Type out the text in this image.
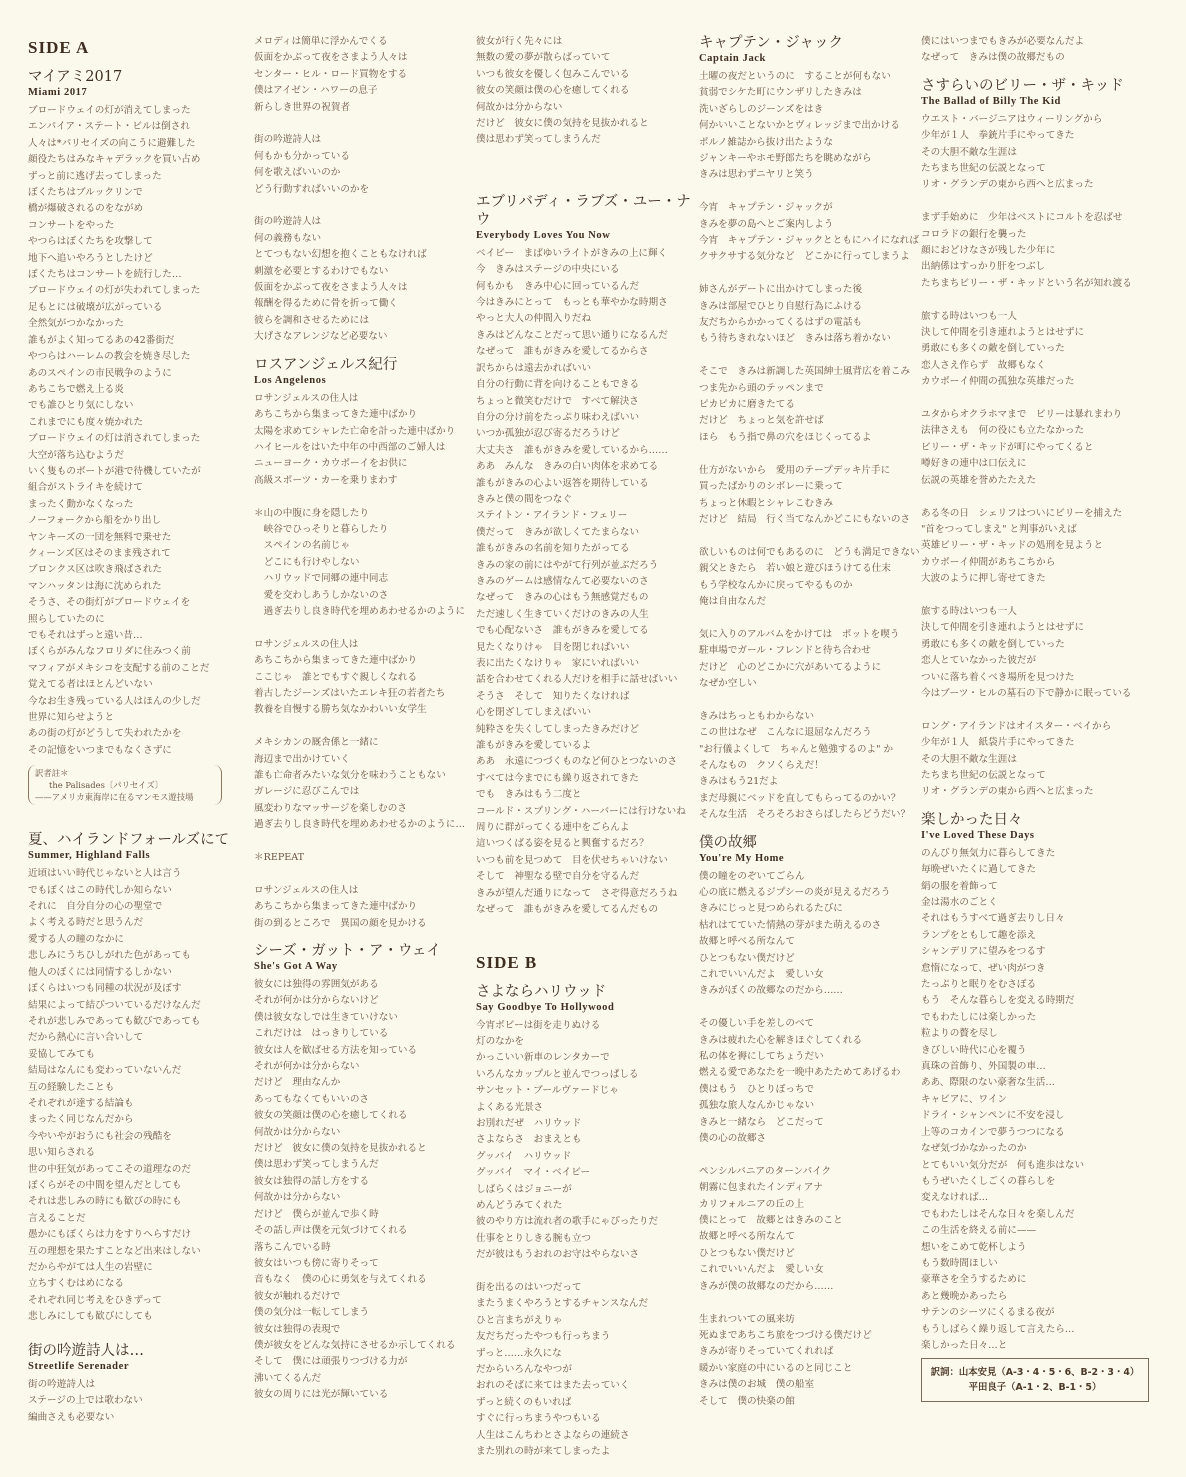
SIDE A
マイアミ2017
Miami 2017
ブロードウェイの灯が消えてしまった
エンパイア・ステート・ビルは倒され
人々は*パリセイズの向こうに避難した
顔役たちはみなキャデラックを買い占め
ずっと前に逃げ去ってしまった
ぼくたちはブルックリンで
橋が爆破されるのをながめ
コンサートをやった
やつらはぼくたちを攻撃して
地下へ追いやろうとしたけど
ぼくたちはコンサートを続行した…
ブロードウェイの灯が失われてしまった
足もとには破壊が広がっている
全然気がつかなかった
誰もがよく知ってるあの42番街だ
やつらはハーレムの教会を焼き尽した
あのスペインの市民戦争のように
あちこちで燃え上る炎
でも誰ひとり気にしない
これまでにも度々焼かれた
ブロードウェイの灯は消されてしまった
大空が落ち込むようだ
いく隻ものボートが港で待機していたが
組合がストライキを続けて
まったく動かなくなった
ノーフォークから船をかり出し
ヤンキーズの一団を無料で乗せた
クィーンズ区はそのまま残されて
ブロンクス区は吹き飛ばされた
マンハッタンは海に沈められた
そうさ、その街灯がブロードウェイを
照らしていたのに
でもそれはずっと遠い昔…
ぼくらがみんなフロリダに住みつく前
マフィアがメキシコを支配する前のことだ
覚えてる者はほとんどいない
今なお生き残っている人はほんの少しだ
世界に知らせようと
あの街の灯がどうして失われたかを
その記憶をいつまでもなくさずに
訳者註＊
the Palisades〔パリセイズ〕
——アメリカ東海岸に在るマンモス遊技場
夏、ハイランドフォールズにて
Summer, Highland Falls
近頃はいい時代じゃないと人は言う
でもぼくはこの時代しか知らない
それに　自分自分の心の聖堂で
よく考える時だと思うんだ
愛する人の瞳のなかに
悲しみにうちひしがれた色があっても
他人のぼくには同情するしかない
ぼくらはいつも同種の状況が及ぼす
結果によって結びついているだけなんだ
それが悲しみであっても歓びであっても
だから熱心に言い合いして
妥協してみても
結局はなんにも変わっていないんだ
互の経験したことも
それぞれが達する結論も
まったく同じなんだから
今やいやがおうにも社会の残酷を
思い知らされる
世の中狂気があってこその道理なのだ
ぼくらがその中間を望んだとしても
それは悲しみの時にも歓びの時にも
言えることだ
愚かにもぼくらは力をすりへらすだけ
互の理想を果たすことなど出来はしない
だからやがては人生の岩壁に
立ちすくむはめになる
それぞれ同じ考えをひきずって
悲しみにしても歓びにしても
街の吟遊詩人は…
Streetlife Serenader
街の吟遊詩人は
ステージの上では歌わない
編曲さえも必要ない
メロディは簡単に浮かんでくる
仮面をかぶって夜をさまよう人々は
センター・ヒル・ロード買物をする
僕はアイゼン・ハワーの息子
新らしき世界の祝賀者
街の吟遊詩人は
何もかも分かっている
何を歌えばいいのか
どう行動すればいいのかを
街の吟遊詩人は
何の義務もない
とてつもない幻想を抱くこともなければ
刺激を必要とするわけでもない
仮面をかぶって夜をさまよう人々は
報酬を得るために骨を折って働く
彼らを調和させるためには
大げさなアレンジなど必要ない
ロスアンジェルス紀行
Los Angelenos
ロサンジェルスの住人は
あちこちから集まってきた連中ばかり
太陽を求めてシャレた亡命を計った連中ばかり
ハイヒールをはいた中年の中西部のご婦人は
ニューヨーク・カウボーイをお供に
高級スポーツ・カーを乗りまわす
＊山の中腹に身を隠したり
　峡谷でひっそりと暮らしたり
　スペインの名前じゃ
　どこにも行けやしない
　ハリウッドで同郷の連中同志
　愛を交わしあうしかないのさ
　過ぎ去りし良き時代を埋めあわせるかのように
ロサンジェルスの住人は
あちこちから集まってきた連中ばかり
ここじゃ　誰とでもすぐ親しくなれる
着古したジーンズはいたエレキ狂の若者たち
教養を自慢する勝ち気なかわいい女学生
メキシカンの厩舎係と一緒に
海辺まで出かけていく
誰も亡命者みたいな気分を味わうこともない
ガレージに忍びこんでは
風変わりなマッサージを楽しむのさ
過ぎ去りし良き時代を埋めあわせるかのように…
＊REPEAT
ロサンジェルスの住人は
あちこちから集まってきた連中ばかり
街の到るところで　異国の顔を見かける
シーズ・ガット・ア・ウェイ
She's Got A Way
彼女には独得の雰囲気がある
それが何かは分からないけど
僕は彼女なしでは生きていけない
これだけは　はっきりしている
彼女は人を歓ばせる方法を知っている
それが何かは分からない
だけど　理由なんか
あってもなくてもいいのさ
彼女の笑顔は僕の心を癒してくれる
何故かは分からない
だけど　彼女に僕の気持を見抜かれると
僕は思わず笑ってしまうんだ
彼女は独得の話し方をする
何故かは分からない
だけど　僕らが並んで歩く時
その話し声は僕を元気づけてくれる
落ちこんでいる時
彼女はいつも傍に寄りそって
音もなく　僕の心に勇気を与えてくれる
彼女が触れるだけで
僕の気分は一転してしまう
彼女は独得の表現で
僕が彼女をどんな気持にさせるか示してくれる
そして　僕には頑張りつづける力が
沸いてくるんだ
彼女の周りには光が輝いている
彼女が行く先々には
無数の愛の夢が散らばっていて
いつも彼女を優しく包みこんでいる
彼女の笑顔は僕の心を癒してくれる
何故かは分からない
だけど　彼女に僕の気持を見抜かれると
僕は思わず笑ってしまうんだ
エブリバディ・ラブズ・ユー・ナウ
Everybody Loves You Now
ベイビー　まばゆいライトがきみの上に輝く
今　きみはステージの中央にいる
何もかも　きみ中心に回っているんだ
今はきみにとって　もっとも華やかな時期さ
やっと大人の仲間入りだね
きみはどんなことだって思い通りになるんだ
なぜって　誰もがきみを愛してるからさ
訳ちからは遠去かればいい
自分の行動に背を向けることもできる
ちょっと微笑むだけで　すべて解決さ
自分の分け前をたっぷり味わえばいい
いつか孤独が忍び寄るだろうけど
大丈夫さ　誰もがきみを愛しているから……
ああ　みんな　きみの白い肉体を求めてる
誰もがきみの心よい返答を期待している
きみと僕の間をつなぐ
ステイトン・アイランド・フェリー
僕だって　きみが欲しくてたまらない
誰もがきみの名前を知りたがってる
きみの家の前にはやがて行列が並ぶだろう
きみのゲームは感情なんて必要ないのさ
なぜって　きみの心はもう無感覚だもの
ただ速しく生きていくだけのきみの人生
でも心配ないさ　誰もがきみを愛してる
見たくなりけゃ　目を閉じればいい
表に出たくなけりゃ　家にいればいい
話を合わせてくれる人だけを相手に話せばいい
そうさ　そして　知りたくなければ
心を閉ざしてしまえばいい
純粋さを失くしてしまったきみだけど
誰もがきみを愛しているよ
ああ　永遠につづくものなど何ひとつないのさ
すべては今までにも繰り返されてきた
でも　きみはもう二度と
コールド・スプリング・ハーバーには行けないね
周りに群がってくる連中をごらんよ
這いつくばる姿を見ると興奮するだろ？
いつも前を見つめて　目を伏せちゃいけない
そして　神聖なる壁で自分を守るんだ
きみが望んだ通りになって　さぞ得意だろうね
なぜって　誰もがきみを愛してるんだもの
SIDE B
さよならハリウッド
Say Goodbye To Hollywood
今宵ボビーは街を走りぬける
灯のなかを
かっこいい新車のレンタカーで
いろんなカップルと並んでつっぱしる
サンセット・ブールヴァードじゃ
よくある光景さ
お別れだぜ　ハリウッド
さよならさ　おまえとも
グッバイ　ハリウッド
グッバイ　マイ・ベイビー
しばらくはジョニーが
めんどうみてくれた
彼のやり方は流れ者の歌手にゃぴったりだ
仕事をとりしきる腕も立つ
だが彼はもうおれのお守はやらないさ
街を出るのはいつだって
またうまくやろうとするチャンスなんだ
ひと言まちがえりゃ
友だちだったやつも行っちまう
ずっと……永久にな
だからいろんなやつが
おれのそばに来てはまた去っていく
ずっと続くのもいれば
すぐに行っちまうやつもいる
人生はこんちわとさよならの連続さ
また別れの時が来てしまったよ
キャプテン・ジャック
Captain Jack
土曜の夜だというのに　することが何もない
貧弱でシケた町にウンザリしたきみは
洗いざらしのジーンズをはき
何かいいことないかとヴィレッジまで出かける
ポルノ雑誌から抜け出たような
ジャンキーやホモ野郎たちを眺めながら
きみは思わずニヤリと笑う
今宵　キャプテン・ジャックが
きみを夢の島へとご案内しよう
今宵　キャプテン・ジャックとともにハイになれば
クサクサする気分など　どこかに行ってしまうよ
姉さんがデートに出かけてしまった後
きみは部屋でひとり自慰行為にふける
友だちからかかってくるはずの電話も
もう待ちきれないほど　きみは落ち着かない
そこで　きみは新調した英国紳士風背広を着こみ
つま先から頭のテッペンまで
ピカピカに磨きたてる
だけど　ちょっと気を許せば
ほら　もう指で鼻の穴をほじくってるよ
仕方がないから　愛用のテープデッキ片手に
買ったばかりのシボレーに乗って
ちょっと休暇とシャレこむきみ
だけど　結局　行く当てなんかどこにもないのさ
欲しいものは何でもあるのに　どうも満足できない
親父ときたら　若い娘と遊びほうけてる仕末
もう学校なんかに戻ってやるものか
俺は自由なんだ
気に入りのアルバムをかけては　ポットを喫う
駐車場でガール・フレンドと待ち合わせ
だけど　心のどこかに穴があいてるように
なぜか空しい
きみはちっともわからない
この世はなぜ　こんなに退屈なんだろう
"お行儀よくして　ちゃんと勉強するのよ" か
そんなもの　クソくらえだ！
きみはもう21だよ
まだ母親にベッドを直してもらってるのかい？
そんな生活　そろそろおさらばしたらどうだい？
僕の故郷
You're My Home
僕の瞳をのぞいてごらん
心の底に燃えるジプシーの炎が見えるだろう
きみにじっと見つめられるたびに
枯れはてていた情熱の芽がまた萌えるのさ
故郷と呼べる所なんて
ひとつもない僕だけど
これでいいんだよ　愛しい女
きみがぼくの故郷なのだから……
その優しい手を差しのべて
きみは疲れた心を解きほぐしてくれる
私の体を褥にしてちょうだい
燃える愛であなたを一晩中あたためてあげるわ
僕はもう　ひとりぼっちで
孤独な旅人なんかじゃない
きみと一緒なら　どこだって
僕の心の故郷さ
ペンシルバニアのターンパイク
朝霧に包まれたインディアナ
カリフォルニアの丘の上
僕にとって　故郷とはきみのこと
故郷と呼べる所なんて
ひとつもない僕だけど
これでいいんだよ　愛しい女
きみが僕の故郷なのだから……
生まれついての風来坊
死ぬまであちこち旅をつづける僕だけど
きみが寄りそっていてくれれば
暖かい家庭の中にいるのと同じこと
きみは僕のお城　僕の船室
そして　僕の快楽の館
僕にはいつまでもきみが必要なんだよ
なぜって　きみは僕の故郷だもの
さすらいのビリー・ザ・キッド
The Ballad of Billy The Kid
ウエスト・バージニアはウィーリングから
少年が１人　拳銃片手にやってきた
その大胆不敵な生涯は
たちまち世紀の伝説となって
リオ・グランデの東から西へと広まった
まず手始めに　少年はベストにコルトを忍ばせ
コロラドの銀行を襲った
顔におどけなさが残した少年に
出納係はすっかり肝をつぶし
たちまちビリー・ザ・キッドという名が知れ渡る
旅する時はいつも一人
決して仲間を引き連れようとはせずに
勇敢にも多くの敵を倒していった
恋人さえ作らず　故郷もなく
カウボーイ仲間の孤独な英雄だった
ユタからオクラホマまで　ビリーは暴れまわり
法律さえも　何の役にも立たなかった
ビリー・ザ・キッドが町にやってくると
噂好きの連中は口伝えに
伝説の英雄を誉めたたえた
ある冬の日　シェリフはついにビリーを捕えた
"首をつってしまえ" と判事がいえば
英雄ビリー・ザ・キッドの処刑を見ようと
カウボーイ仲間があちこちから
大波のように押し寄せてきた
旅する時はいつも一人
決して仲間を引き連れようとはせずに
勇敢にも多くの敵を倒していった
恋人とていなかった彼だが
ついに落ち着くべき場所を見つけた
今はブーツ・ヒルの墓石の下で静かに眠っている
ロング・アイランドはオイスター・ベイから
少年が１人　紙袋片手にやってきた
その大胆不敵な生涯は
たちまち世紀の伝説となって
リオ・グランデの東から西へと広まった
楽しかった日々
I've Loved These Days
のんびり無気力に暮らしてきた
毎晩ぜいたくに過してきた
絹の服を着飾って
金は湯水のごとく
それはもうすべて過ぎ去りし日々
ランプをともして趣を添え
シャンデリアに望みをつるす
怠惰になって、ぜい肉がつき
たっぷりと眠りをむさぼる
もう　そんな暮らしを変える時期だ
でもわたしには楽しかった
粒よりの贅を尽し
きびしい時代に心を覆う
真珠の首飾り、外国製の車…
ああ、際限のない豪奢な生活…
キャビアに、ワイン
ドライ・シャンペンに不安を浸し
上等のコカインで夢うつつになる
なぜ気づかなかったのか
とてもいい気分だが　何も進歩はない
もうぜいたくしごくの暮らしを
変えなければ…
でもわたしはそんな日々を楽しんだ
この生活を終える前に——
想いをこめて乾杯しよう
もう数時間ほしい
豪華さを全うするために
あと幾晩かあったら
サテンのシーツにくるまる夜が
もうしばらく繰り返して言えたら…
楽しかった日々…と
訳詞：山本安見（A-3・4・5・6、B-2・3・4）
平田良子（A-1・2、B-1・5）
